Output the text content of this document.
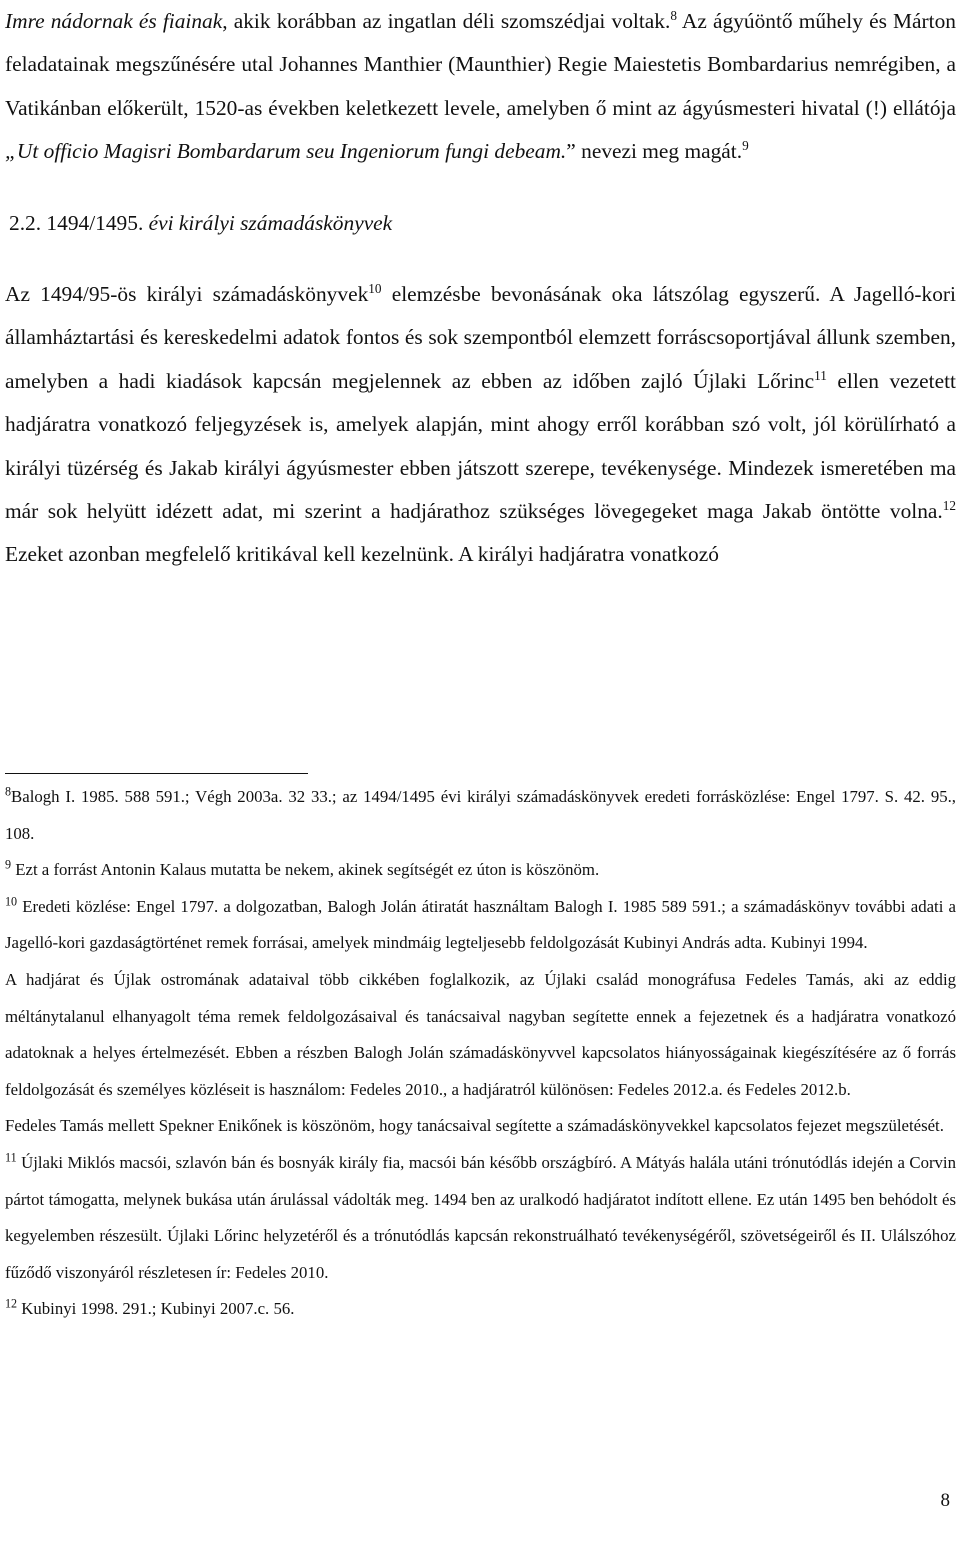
Imre nádornak és fiainak, akik korábban az ingatlan déli szomszédjai voltak.$^8$ Az ágyúöntő műhely és Márton feladatainak megszűnésére utal Johannes Manthier (Maunthier) Regie Maiestetis Bombardarius nemrégiben, a Vatikánban előkerült, 1520-as években keletkezett levele, amelyben ő mint az ágyúsmesteri hivatal (!) ellátója „Ut officio Magisri Bombardarum seu Ingeniorum fungi debeam.” nevezi meg magát.$^9$

2.2. 1494/1495. évi királyi számadáskönyvek

Az 1494/95-ös királyi számadáskönyvek$^{10}$ elemzésbe bevonásának oka látszólag egyszerű. A Jagelló-kori államháztartási és kereskedelmi adatok fontos és sok szempontból elemzett forráscsoportjával állunk szemben, amelyben a hadi kiadások kapcsán megjelennek az ebben az időben zajló Újlaki Lőrinc$^{11}$ ellen vezetett hadjáratra vonatkozó feljegyzések is, amelyek alapján, mint ahogy erről korábban szó volt, jól körülírható a királyi tüzérség és Jakab királyi ágyúsmester ebben játszott szerepe, tevékenysége. Mindezek ismeretében ma már sok helyütt idézett adat, mi szerint a hadjárathoz szükséges lövegegeket maga Jakab öntötte volna.$^{12}$ Ezeket azonban megfelelő kritikával kell kezelnünk. A királyi hadjáratra vonatkozó

$^8$Balogh I. 1985. 588 591.; Végh 2003a. 32 33.; az 1494/1495 évi királyi számadáskönyvek eredeti forrásközlése: Engel 1797. S. 42. 95., 108.

$^9$ Ezt a forrást Antonin Kalaus mutatta be nekem, akinek segítségét ez úton is köszönöm.

$^{10}$ Eredeti közlése: Engel 1797. a dolgozatban, Balogh Jolán átiratát használtam Balogh I. 1985 589 591.; a számadáskönyv további adati a Jagelló-kori gazdaságtörténet remek forrásai, amelyek mindmáig legteljesebb feldolgozását Kubinyi András adta. Kubinyi 1994.

A hadjárat és Újlak ostromának adataival több cikkében foglalkozik, az Újlaki család monográfusa Fedeles Tamás, aki az eddig méltánytalanul elhanyagolt téma remek feldolgozásaival és tanácsaival nagyban segítette ennek a fejezetnek és a hadjáratra vonatkozó adatoknak a helyes értelmezését. Ebben a részben Balogh Jolán számadáskönyvvel kapcsolatos hiányosságainak kiegészítésére az ő forrás feldolgozását és személyes közléseit is használom: Fedeles 2010., a hadjáratról különösen: Fedeles 2012.a. és Fedeles 2012.b.

Fedeles Tamás mellett Spekner Enikőnek is köszönöm, hogy tanácsaival segítette a számadáskönyvekkel kapcsolatos fejezet megszületését.

$^{11}$ Újlaki Miklós macsói, szlavón bán és bosnyák király fia, macsói bán később országbíró. A Mátyás halála utáni trónutódlás idején a Corvin pártot támogatta, melynek bukása után árulással vádolták meg. 1494 ben az uralkodó hadjáratot indított ellene. Ez után 1495 ben behódolt és kegyelemben részesült. Újlaki Lőrinc helyzetéről és a trónutódlás kapcsán rekonstruálható tevékenységéről, szövetségeiről és II. Ulálszóhoz fűződő viszonyáról részletesen ír: Fedeles 2010.

$^{12}$ Kubinyi 1998. 291.; Kubinyi 2007.c. 56.

8
